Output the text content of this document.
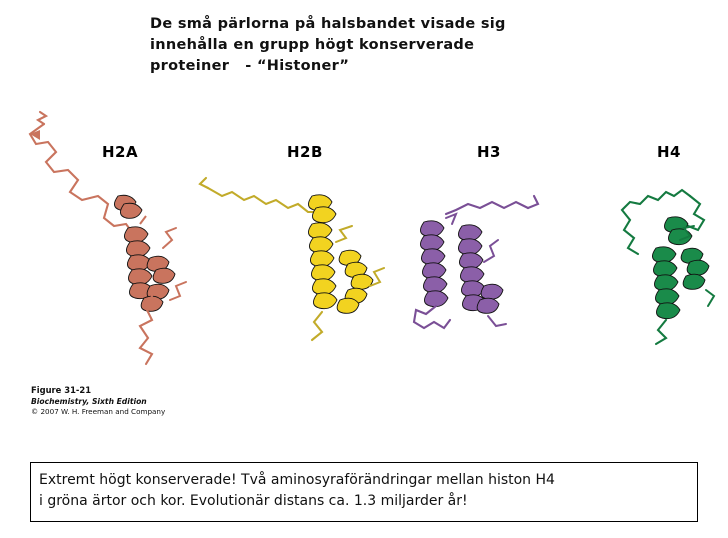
De små pärlorna på halsbandet visade sig
innehålla en grupp högt konserverade
proteiner   - “Histoner”
H2A	H2B	H3	H4
Figure 31-21
Biochemistry, Sixth Edition
© 2007 W. H. Freeman and Company
Extremt högt konserverade! Två aminosyraförändringar mellan histon H4
i gröna ärtor och kor. Evolutionär distans ca. 1.3 miljarder år!
